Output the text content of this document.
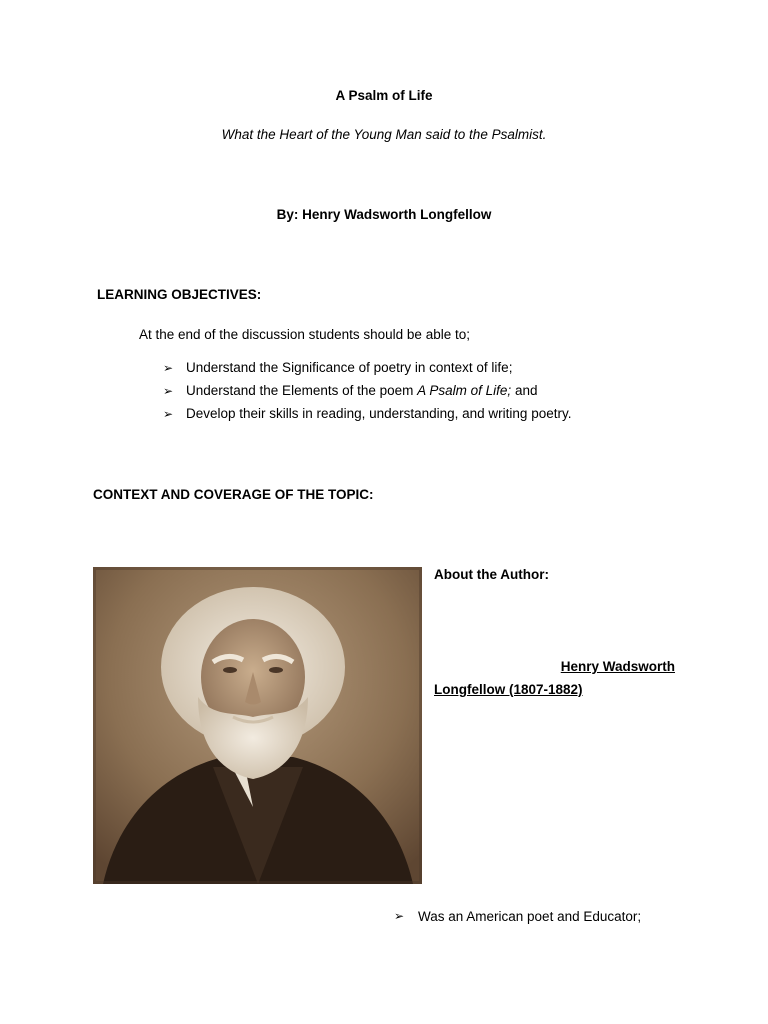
A Psalm of Life
What the Heart of the Young Man said to the Psalmist.
By: Henry Wadsworth Longfellow
LEARNING OBJECTIVES:
At the end of the discussion students should be able to;
➢ Understand the Significance of poetry in context of life;
➢ Understand the Elements of the poem A Psalm of Life; and
➢ Develop their skills in reading, understanding, and writing poetry.
CONTEXT AND COVERAGE OF THE TOPIC:
About the Author:
Henry Wadsworth
Longfellow (1807-1882)
➢	Was an American poet and Educator;
